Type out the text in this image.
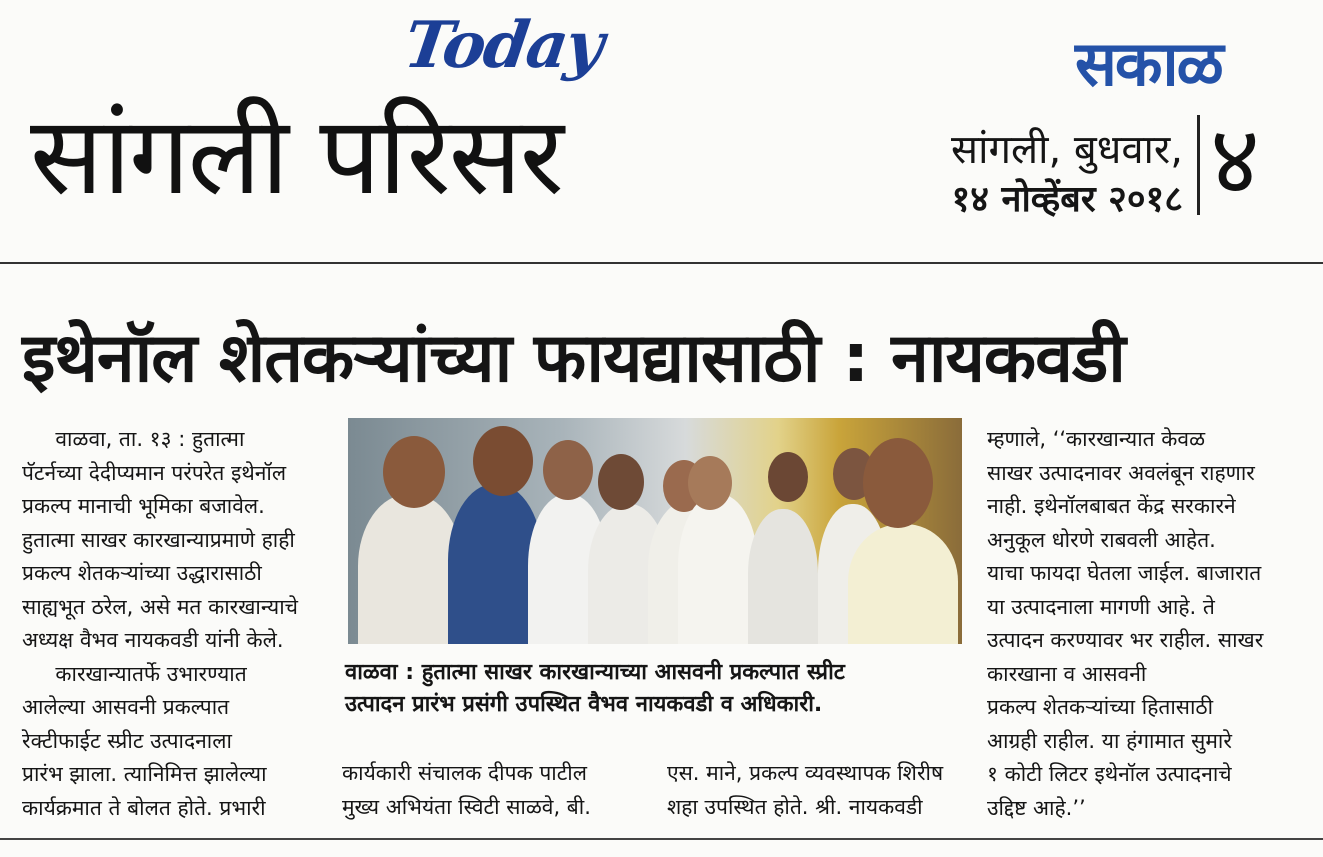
Today
सांगली परिसर
सकाळ
सांगली, बुधवार,
१४ नोव्हेंबर २०१८ ४
इथेनॉल शेतकऱ्यांच्या फायद्यासाठी : नायकवडी

वाळवा, ता. १३ : हुतात्मा

पॅटर्नच्या देदीप्यमान परंपरेत इथेनॉल

प्रकल्प मानाची भूमिका बजावेल.

हुतात्मा साखर कारखान्याप्रमाणे हाही

प्रकल्प शेतकऱ्यांच्या उद्धारासाठी

साह्यभूत ठरेल, असे मत कारखान्याचे

अध्यक्ष वैभव नायकवडी यांनी केले.

कारखान्यातर्फे उभारण्यात

आलेल्या आसवनी प्रकल्पात

रेक्टीफाईट स्प्रीट उत्पादनाला

प्रारंभ झाला. त्यानिमित्त झालेल्या

कार्यक्रमात ते बोलत होते. प्रभारी

वाळवा : हुतात्मा साखर कारखान्याच्या आसवनी प्रकल्पात स्प्रीट
उत्पादन प्रारंभ प्रसंगी उपस्थित वैभव नायकवडी व अधिकारी.

कार्यकारी संचालक दीपक पाटील

मुख्य अभियंता स्विटी साळवे, बी.

एस. माने, प्रकल्प व्यवस्थापक शिरीष

शहा उपस्थित होते. श्री. नायकवडी

म्हणाले, ‘‘कारखान्यात केवळ

साखर उत्पादनावर अवलंबून राहणार

नाही. इथेनॉलबाबत केंद्र सरकारने

अनुकूल धोरणे राबवली आहेत.

याचा फायदा घेतला जाईल. बाजारात

या उत्पादनाला मागणी आहे. ते

उत्पादन करण्यावर भर राहील. साखर

कारखाना व आसवनी

प्रकल्प शेतकऱ्यांच्या हितासाठी

आग्रही राहील. या हंगामात सुमारे

१ कोटी लिटर इथेनॉल उत्पादनाचे

उद्दिष्ट आहे.’’
